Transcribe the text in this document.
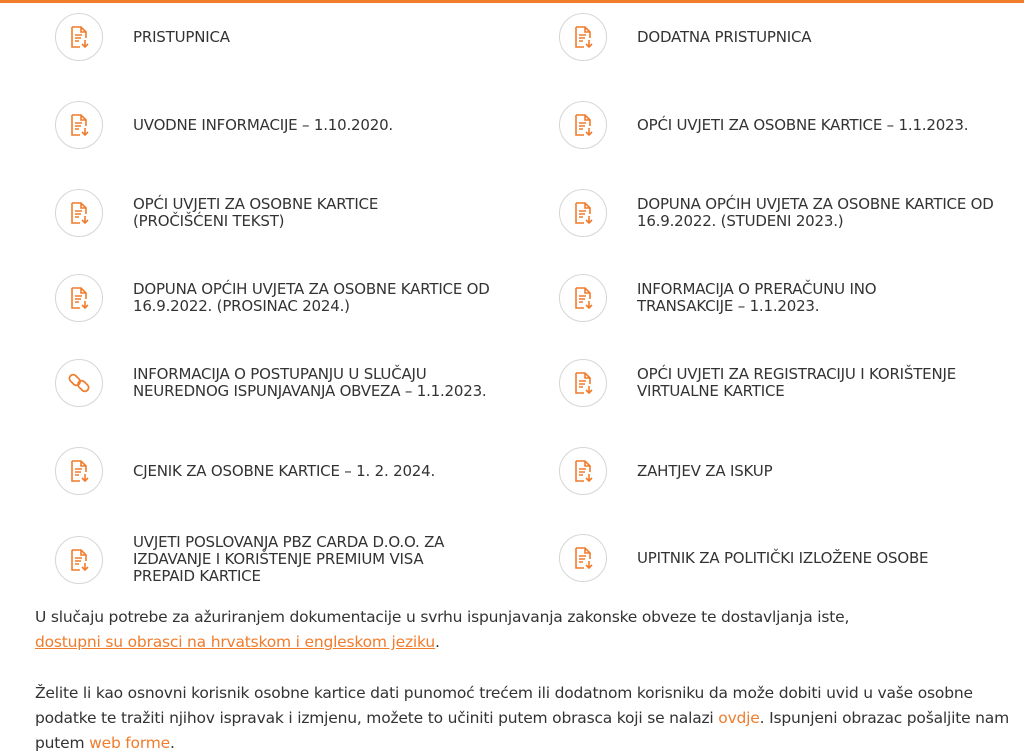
PRISTUPNICA
UVODNE INFORMACIJE – 1.10.2020.
OPĆI UVJETI ZA OSOBNE KARTICE (PROČIŠĆENI TEKST)
DOPUNA OPĆIH UVJETA ZA OSOBNE KARTICE OD 16.9.2022. (PROSINAC 2024.)
INFORMACIJA O POSTUPANJU U SLUČAJU NEUREDNOG ISPUNJAVANJA OBVEZA – 1.1.2023.
CJENIK ZA OSOBNE KARTICE – 1. 2. 2024.
UVJETI POSLOVANJA PBZ CARDA D.O.O. ZA IZDAVANJE I KORIŠTENJE PREMIUM VISA PREPAID KARTICE
DODATNA PRISTUPNICA
OPĆI UVJETI ZA OSOBNE KARTICE – 1.1.2023.
DOPUNA OPĆIH UVJETA ZA OSOBNE KARTICE OD 16.9.2022. (STUDENI 2023.)
INFORMACIJA O PRERAČUNU INO TRANSAKCIJE – 1.1.2023.
OPĆI UVJETI ZA REGISTRACIJU I KORIŠTENJE VIRTUALNE KARTICE
ZAHTJEV ZA ISKUP
UPITNIK ZA POLITIČKI IZLOŽENE OSOBE

U slučaju potrebe za ažuriranjem dokumentacije u svrhu ispunjavanja zakonske obveze te dostavljanja iste,
dostupni su obrasci na hrvatskom i engleskom jeziku.

Želite li kao osnovni korisnik osobne kartice dati punomoć trećem ili dodatnom korisniku da može dobiti uvid u vaše osobne podatke te tražiti njihov ispravak i izmjenu, možete to učiniti putem obrasca koji se nalazi ovdje. Ispunjeni obrazac pošaljite nam putem web forme.
